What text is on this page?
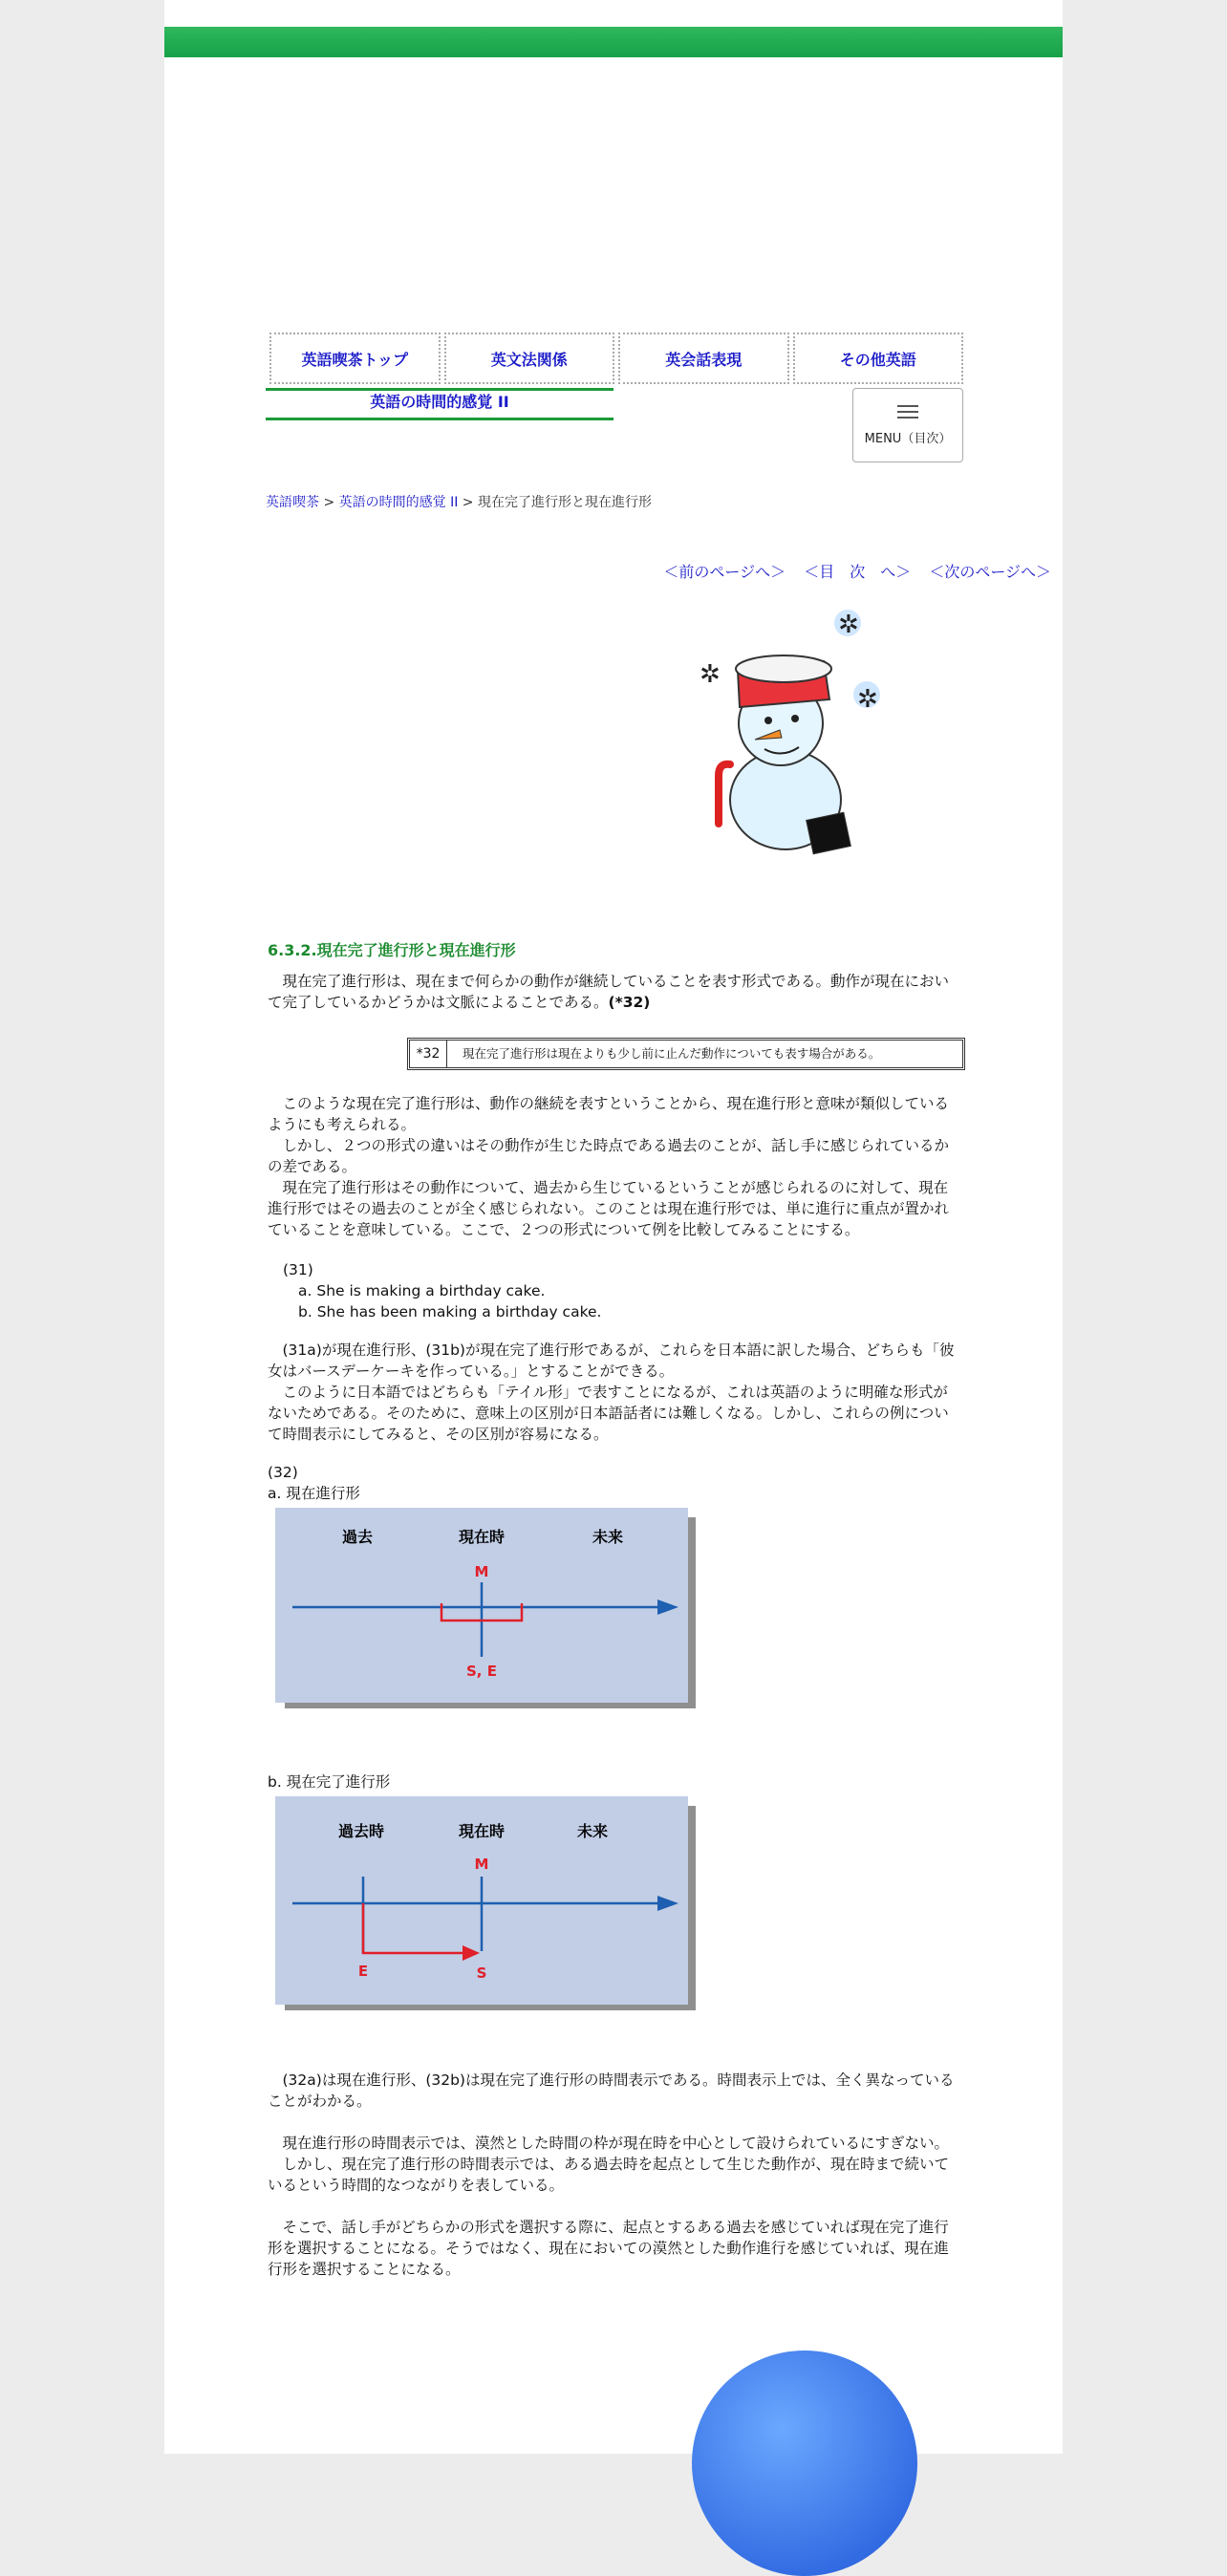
英語喫茶トップ	英文法関係	英会話表現	その他英語
英語の時間的感覚 II
MENU（目次）
英語喫茶 > 英語の時間的感覚 II > 現在完了進行形と現在進行形
＜前のページへ＞ ＜目　次　へ＞ ＜次のページへ＞
✲
✲
✲
6.3.2.現在完了進行形と現在進行形

現在完了進行形は、現在まで何らかの動作が継続していることを表す形式である。動作が現在において完了しているかどうかは文脈によることである。(*32)

*32	現在完了進行形は現在よりも少し前に止んだ動作についても表す場合がある。

このような現在完了進行形は、動作の継続を表すということから、現在進行形と意味が類似しているようにも考えられる。

しかし、２つの形式の違いはその動作が生じた時点である過去のことが、話し手に感じられているかの差である。

現在完了進行形はその動作について、過去から生じているということが感じられるのに対して、現在進行形ではその過去のことが全く感じられない。このことは現在進行形では、単に進行に重点が置かれていることを意味している。ここで、２つの形式について例を比較してみることにする。

(31)
a. She is making a birthday cake.
b. She has been making a birthday cake.

(31a)が現在進行形、(31b)が現在完了進行形であるが、これらを日本語に訳した場合、どちらも「彼女はバースデーケーキを作っている。」とすることができる。

このように日本語ではどちらも「テイル形」で表すことになるが、これは英語のように明確な形式がないためである。そのために、意味上の区別が日本語話者には難しくなる。しかし、これらの例について時間表示にしてみると、その区別が容易になる。

(32)
a. 現在進行形
過去	現在時	未来
M
S, E
b. 現在完了進行形
過去時	現在時	未来
M
E	S

(32a)は現在進行形、(32b)は現在完了進行形の時間表示である。時間表示上では、全く異なっていることがわかる。

現在進行形の時間表示では、漠然とした時間の枠が現在時を中心として設けられているにすぎない。

しかし、現在完了進行形の時間表示では、ある過去時を起点として生じた動作が、現在時まで続いているという時間的なつながりを表している。

そこで、話し手がどちらかの形式を選択する際に、起点とするある過去を感じていれば現在完了進行形を選択することになる。そうではなく、現在においての漠然とした動作進行を感じていれば、現在進行形を選択することになる。
